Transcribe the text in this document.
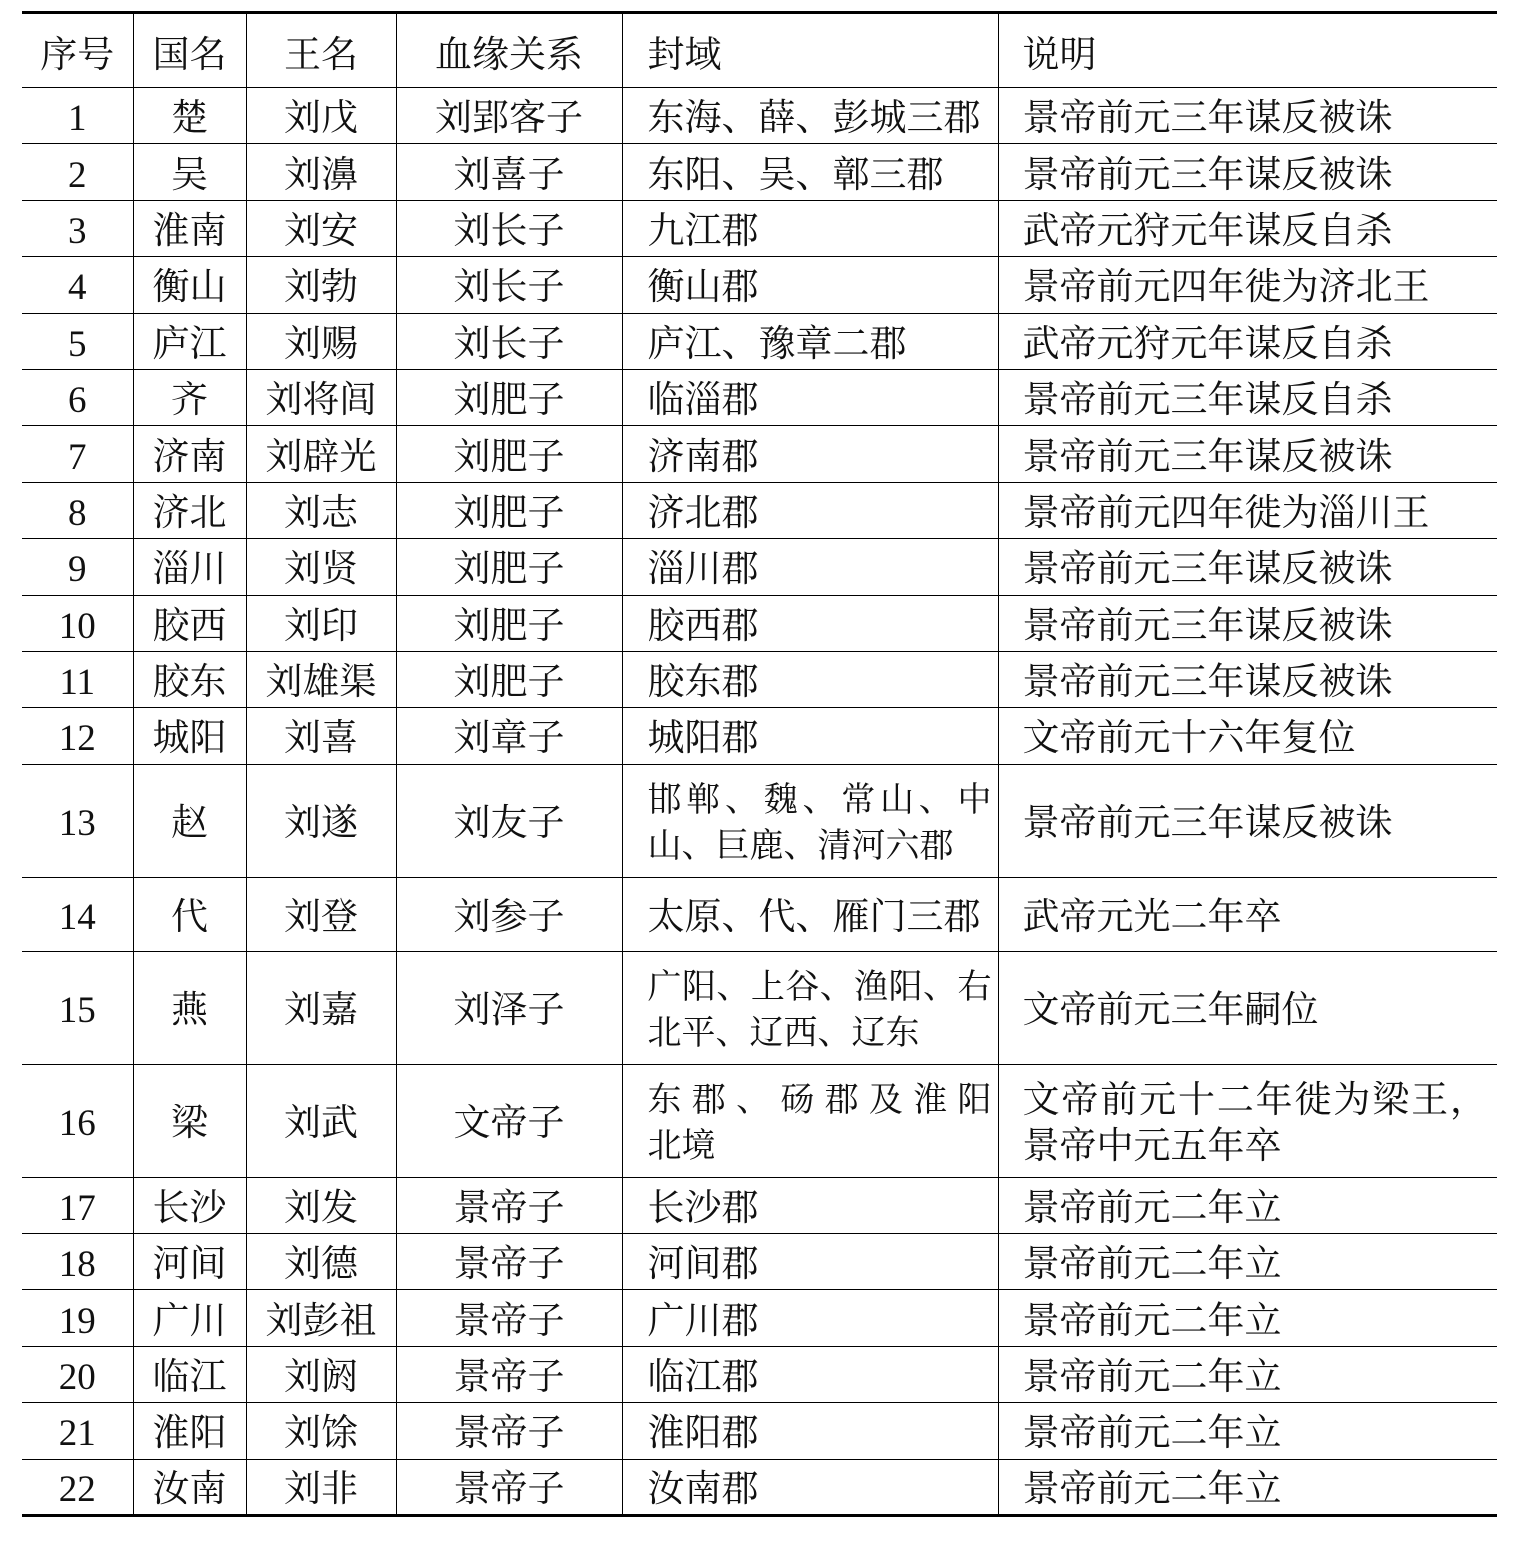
序号	国名	王名	血缘关系	封域	说明
1	楚	刘戊	刘郢客子	东海、薛、彭城三郡	景帝前元三年谋反被诛
2	吴	刘濞	刘喜子	东阳、吴、鄣三郡	景帝前元三年谋反被诛
3	淮南	刘安	刘长子	九江郡	武帝元狩元年谋反自杀
4	衡山	刘勃	刘长子	衡山郡	景帝前元四年徙为济北王
5	庐江	刘赐	刘长子	庐江、豫章二郡	武帝元狩元年谋反自杀
6	齐	刘将闾	刘肥子	临淄郡	景帝前元三年谋反自杀
7	济南	刘辟光	刘肥子	济南郡	景帝前元三年谋反被诛
8	济北	刘志	刘肥子	济北郡	景帝前元四年徙为淄川王
9	淄川	刘贤	刘肥子	淄川郡	景帝前元三年谋反被诛
10	胶西	刘印	刘肥子	胶西郡	景帝前元三年谋反被诛
11	胶东	刘雄渠	刘肥子	胶东郡	景帝前元三年谋反被诛
12	城阳	刘喜	刘章子	城阳郡	文帝前元十六年复位
13	赵	刘遂	刘友子	邯郸、魏、常山、中
山、巨鹿、清河六郡	景帝前元三年谋反被诛
14	代	刘登	刘参子	太原、代、雁门三郡	武帝元光二年卒
15	燕	刘嘉	刘泽子	广阳、上谷、渔阳、右
北平、辽西、辽东	文帝前元三年嗣位
16	梁	刘武	文帝子	东郡、砀郡及淮阳
北境	文帝前元十二年徙为梁王，
景帝中元五年卒

17	长沙	刘发	景帝子	长沙郡	景帝前元二年立
18	河间	刘德	景帝子	河间郡	景帝前元二年立
19	广川	刘彭祖	景帝子	广川郡	景帝前元二年立
20	临江	刘阏	景帝子	临江郡	景帝前元二年立
21	淮阳	刘馀	景帝子	淮阳郡	景帝前元二年立
22	汝南	刘非	景帝子	汝南郡	景帝前元二年立
